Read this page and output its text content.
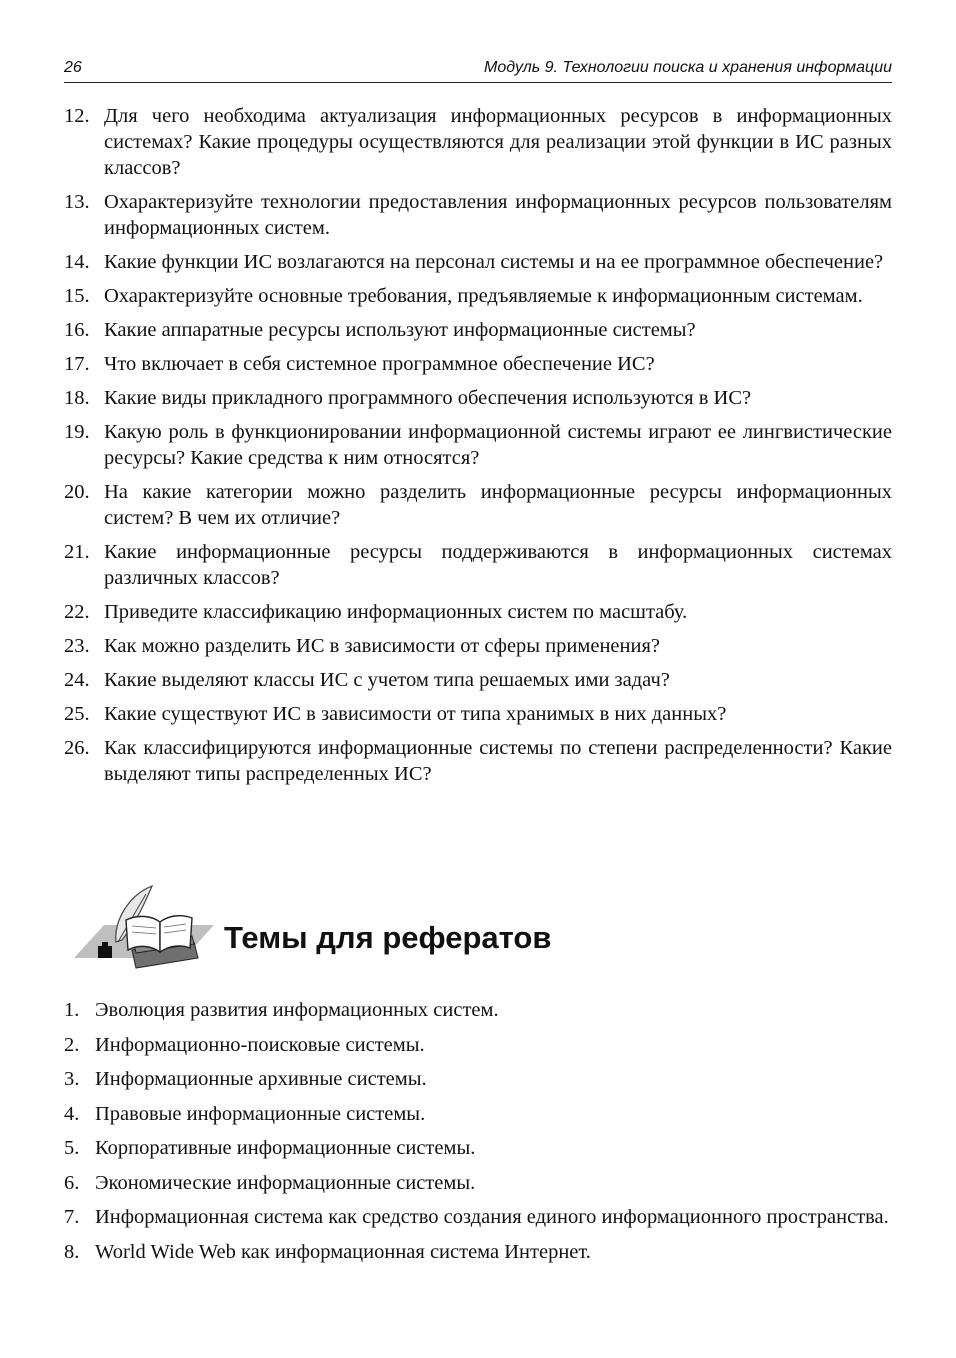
26	Модуль 9. Технологии поиска и хранения информации
12. Для чего необходима актуализация информационных ресурсов в информационных системах? Какие процедуры осуществляются для реализации этой функции в ИС разных классов?
13. Охарактеризуйте технологии предоставления информационных ресурсов пользователям информационных систем.
14. Какие функции ИС возлагаются на персонал системы и на ее программное обеспечение?
15. Охарактеризуйте основные требования, предъявляемые к информационным системам.
16. Какие аппаратные ресурсы используют информационные системы?
17. Что включает в себя системное программное обеспечение ИС?
18. Какие виды прикладного программного обеспечения используются в ИС?
19. Какую роль в функционировании информационной системы играют ее лингвистические ресурсы? Какие средства к ним относятся?
20. На какие категории можно разделить информационные ресурсы информационных систем? В чем их отличие?
21. Какие информационные ресурсы поддерживаются в информационных системах различных классов?
22. Приведите классификацию информационных систем по масштабу.
23. Как можно разделить ИС в зависимости от сферы применения?
24. Какие выделяют классы ИС с учетом типа решаемых ими задач?
25. Какие существуют ИС в зависимости от типа хранимых в них данных?
26. Как классифицируются информационные системы по степени распределенности? Какие выделяют типы распределенных ИС?
Темы для рефератов
1. Эволюция развития информационных систем.
2. Информационно-поисковые системы.
3. Информационные архивные системы.
4. Правовые информационные системы.
5. Корпоративные информационные системы.
6. Экономические информационные системы.
7. Информационная система как средство создания единого информационного пространства.
8. World Wide Web как информационная система Интернет.
